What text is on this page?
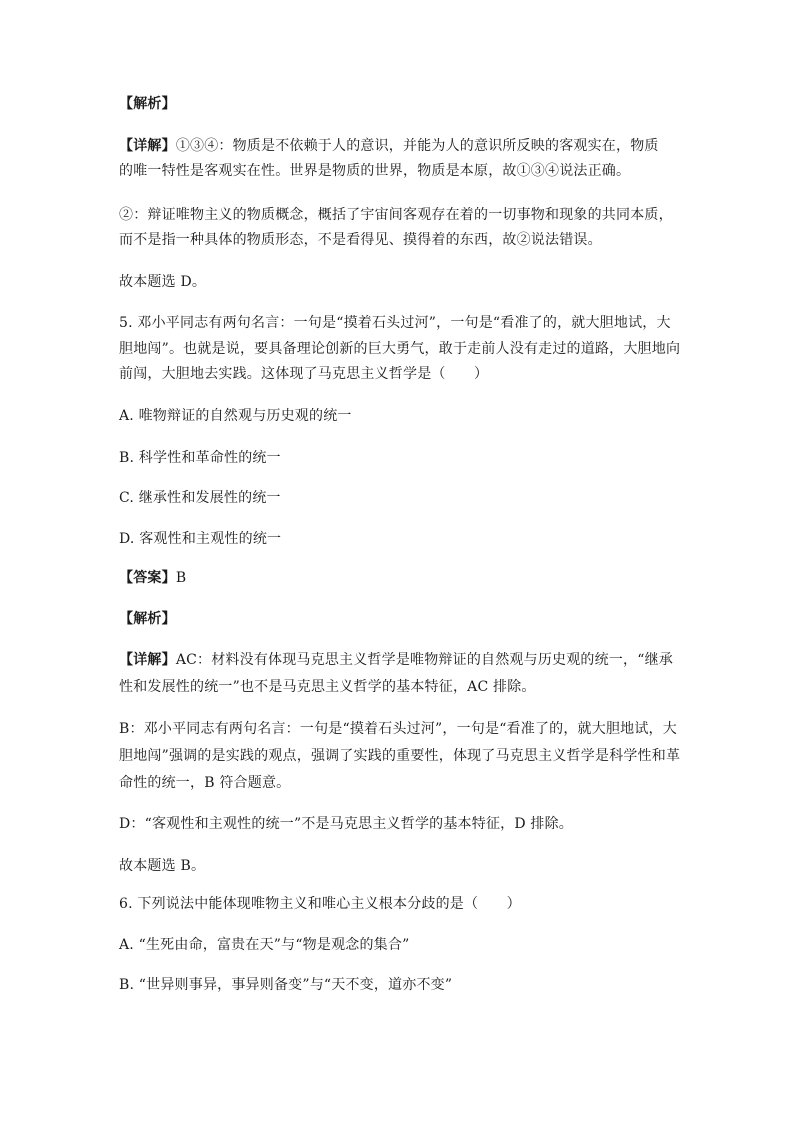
【解析】
【详解】①③④：物质是不依赖于人的意识，并能为人的意识所反映的客观实在，物质
的唯一特性是客观实在性。世界是物质的世界，物质是本原，故①③④说法正确。
②：辩证唯物主义的物质概念，概括了宇宙间客观存在着的一切事物和现象的共同本质，
而不是指一种具体的物质形态，不是看得见、摸得着的东西，故②说法错误。
故本题选 D。
5. 邓小平同志有两句名言：一句是“摸着石头过河”，一句是“看准了的，就大胆地试，大
胆地闯”。也就是说，要具备理论创新的巨大勇气，敢于走前人没有走过的道路，大胆地向
前闯，大胆地去实践。这体现了马克思主义哲学是（　　）
A. 唯物辩证的自然观与历史观的统一
B. 科学性和革命性的统一
C. 继承性和发展性的统一
D. 客观性和主观性的统一
【答案】B
【解析】
【详解】AC：材料没有体现马克思主义哲学是唯物辩证的自然观与历史观的统一，“继承
性和发展性的统一”也不是马克思主义哲学的基本特征，AC 排除。
B：邓小平同志有两句名言：一句是“摸着石头过河”，一句是“看准了的，就大胆地试，大
胆地闯”强调的是实践的观点，强调了实践的重要性，体现了马克思主义哲学是科学性和革
命性的统一，B 符合题意。
D：“客观性和主观性的统一”不是马克思主义哲学的基本特征，D 排除。
故本题选 B。
6. 下列说法中能体现唯物主义和唯心主义根本分歧的是（　　）
A. “生死由命，富贵在天”与“物是观念的集合”
B. “世异则事异，事异则备变”与“天不变，道亦不变”
